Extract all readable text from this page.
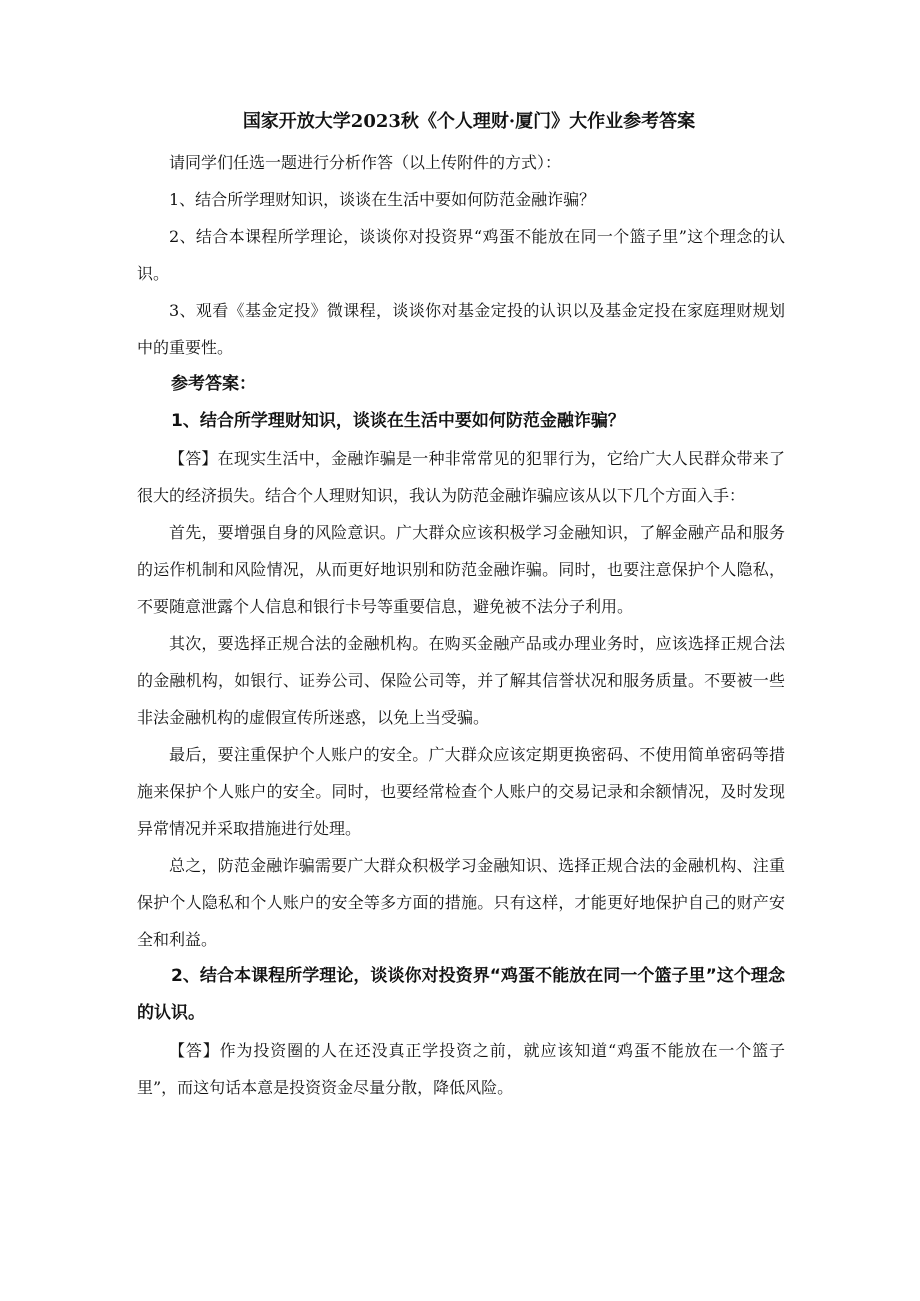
国家开放大学2023秋《个人理财·厦门》大作业参考答案

请同学们任选一题进行分析作答（以上传附件的方式）：

1、结合所学理财知识，谈谈在生活中要如何防范金融诈骗？

2、结合本课程所学理论，谈谈你对投资界“鸡蛋不能放在同一个篮子里”这个理念的认识。

3、观看《基金定投》微课程，谈谈你对基金定投的认识以及基金定投在家庭理财规划中的重要性。

参考答案：

1、结合所学理财知识，谈谈在生活中要如何防范金融诈骗？

【答】在现实生活中，金融诈骗是一种非常常见的犯罪行为，它给广大人民群众带来了很大的经济损失。结合个人理财知识，我认为防范金融诈骗应该从以下几个方面入手：

首先，要增强自身的风险意识。广大群众应该积极学习金融知识，了解金融产品和服务的运作机制和风险情况，从而更好地识别和防范金融诈骗。同时，也要注意保护个人隐私，不要随意泄露个人信息和银行卡号等重要信息，避免被不法分子利用。

其次，要选择正规合法的金融机构。在购买金融产品或办理业务时，应该选择正规合法的金融机构，如银行、证券公司、保险公司等，并了解其信誉状况和服务质量。不要被一些非法金融机构的虚假宣传所迷惑，以免上当受骗。

最后，要注重保护个人账户的安全。广大群众应该定期更换密码、不使用简单密码等措施来保护个人账户的安全。同时，也要经常检查个人账户的交易记录和余额情况，及时发现异常情况并采取措施进行处理。

总之，防范金融诈骗需要广大群众积极学习金融知识、选择正规合法的金融机构、注重保护个人隐私和个人账户的安全等多方面的措施。只有这样，才能更好地保护自己的财产安全和利益。

2、结合本课程所学理论，谈谈你对投资界“鸡蛋不能放在同一个篮子里”这个理念的认识。

【答】作为投资圈的人在还没真正学投资之前，就应该知道“鸡蛋不能放在一个篮子里”，而这句话本意是投资资金尽量分散，降低风险。
